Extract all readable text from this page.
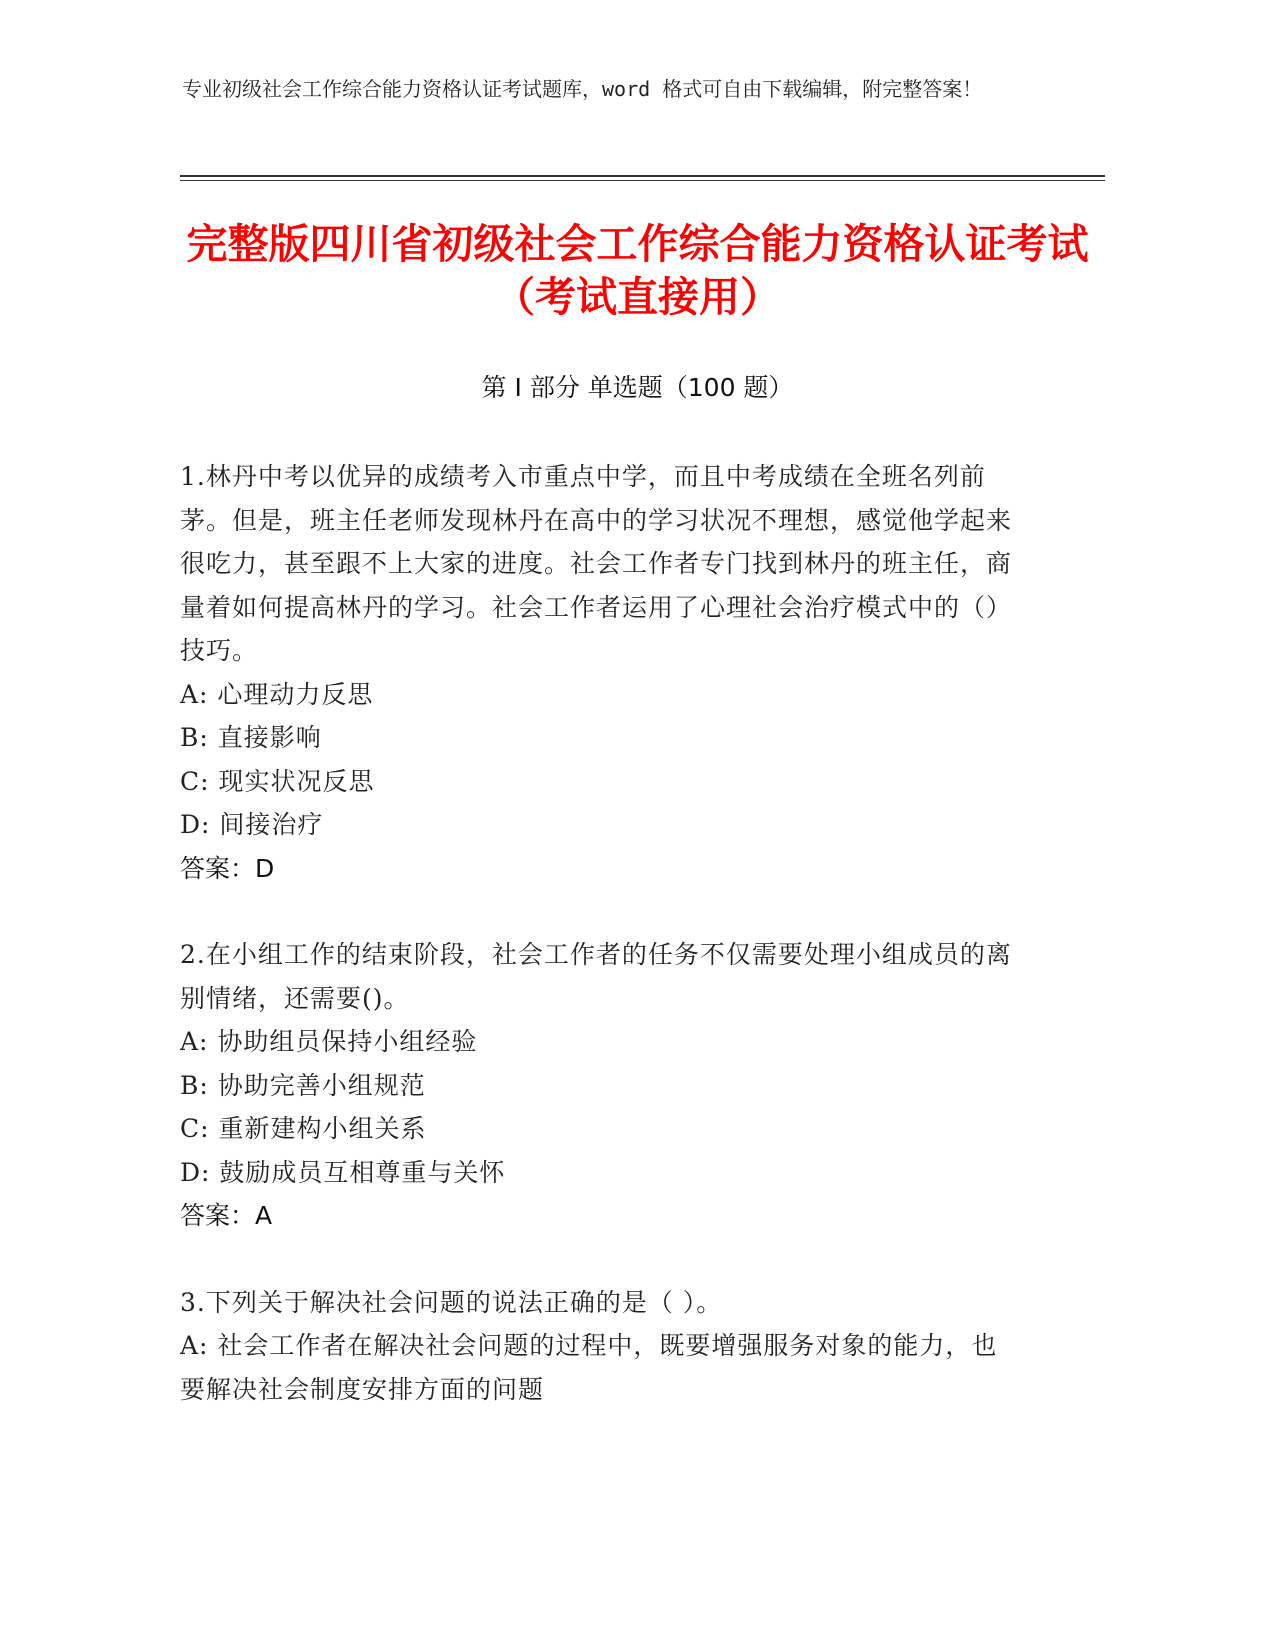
专业初级社会工作综合能力资格认证考试题库，word 格式可自由下载编辑，附完整答案！
完整版四川省初级社会工作综合能力资格认证考试（考试直接用）
第 I 部分 单选题（100 题）
1.林丹中考以优异的成绩考入市重点中学，而且中考成绩在全班名列前茅。但是，班主任老师发现林丹在高中的学习状况不理想，感觉他学起来很吃力，甚至跟不上大家的进度。社会工作者专门找到林丹的班主任，商量着如何提高林丹的学习。社会工作者运用了心理社会治疗模式中的（）技巧。
A: 心理动力反思
B: 直接影响
C: 现实状况反思
D: 间接治疗
答案：D
2.在小组工作的结束阶段，社会工作者的任务不仅需要处理小组成员的离别情绪，还需要()。
A: 协助组员保持小组经验
B: 协助完善小组规范
C: 重新建构小组关系
D: 鼓励成员互相尊重与关怀
答案：A
3.下列关于解决社会问题的说法正确的是（ ）。
A: 社会工作者在解决社会问题的过程中，既要增强服务对象的能力，也要解决社会制度安排方面的问题
